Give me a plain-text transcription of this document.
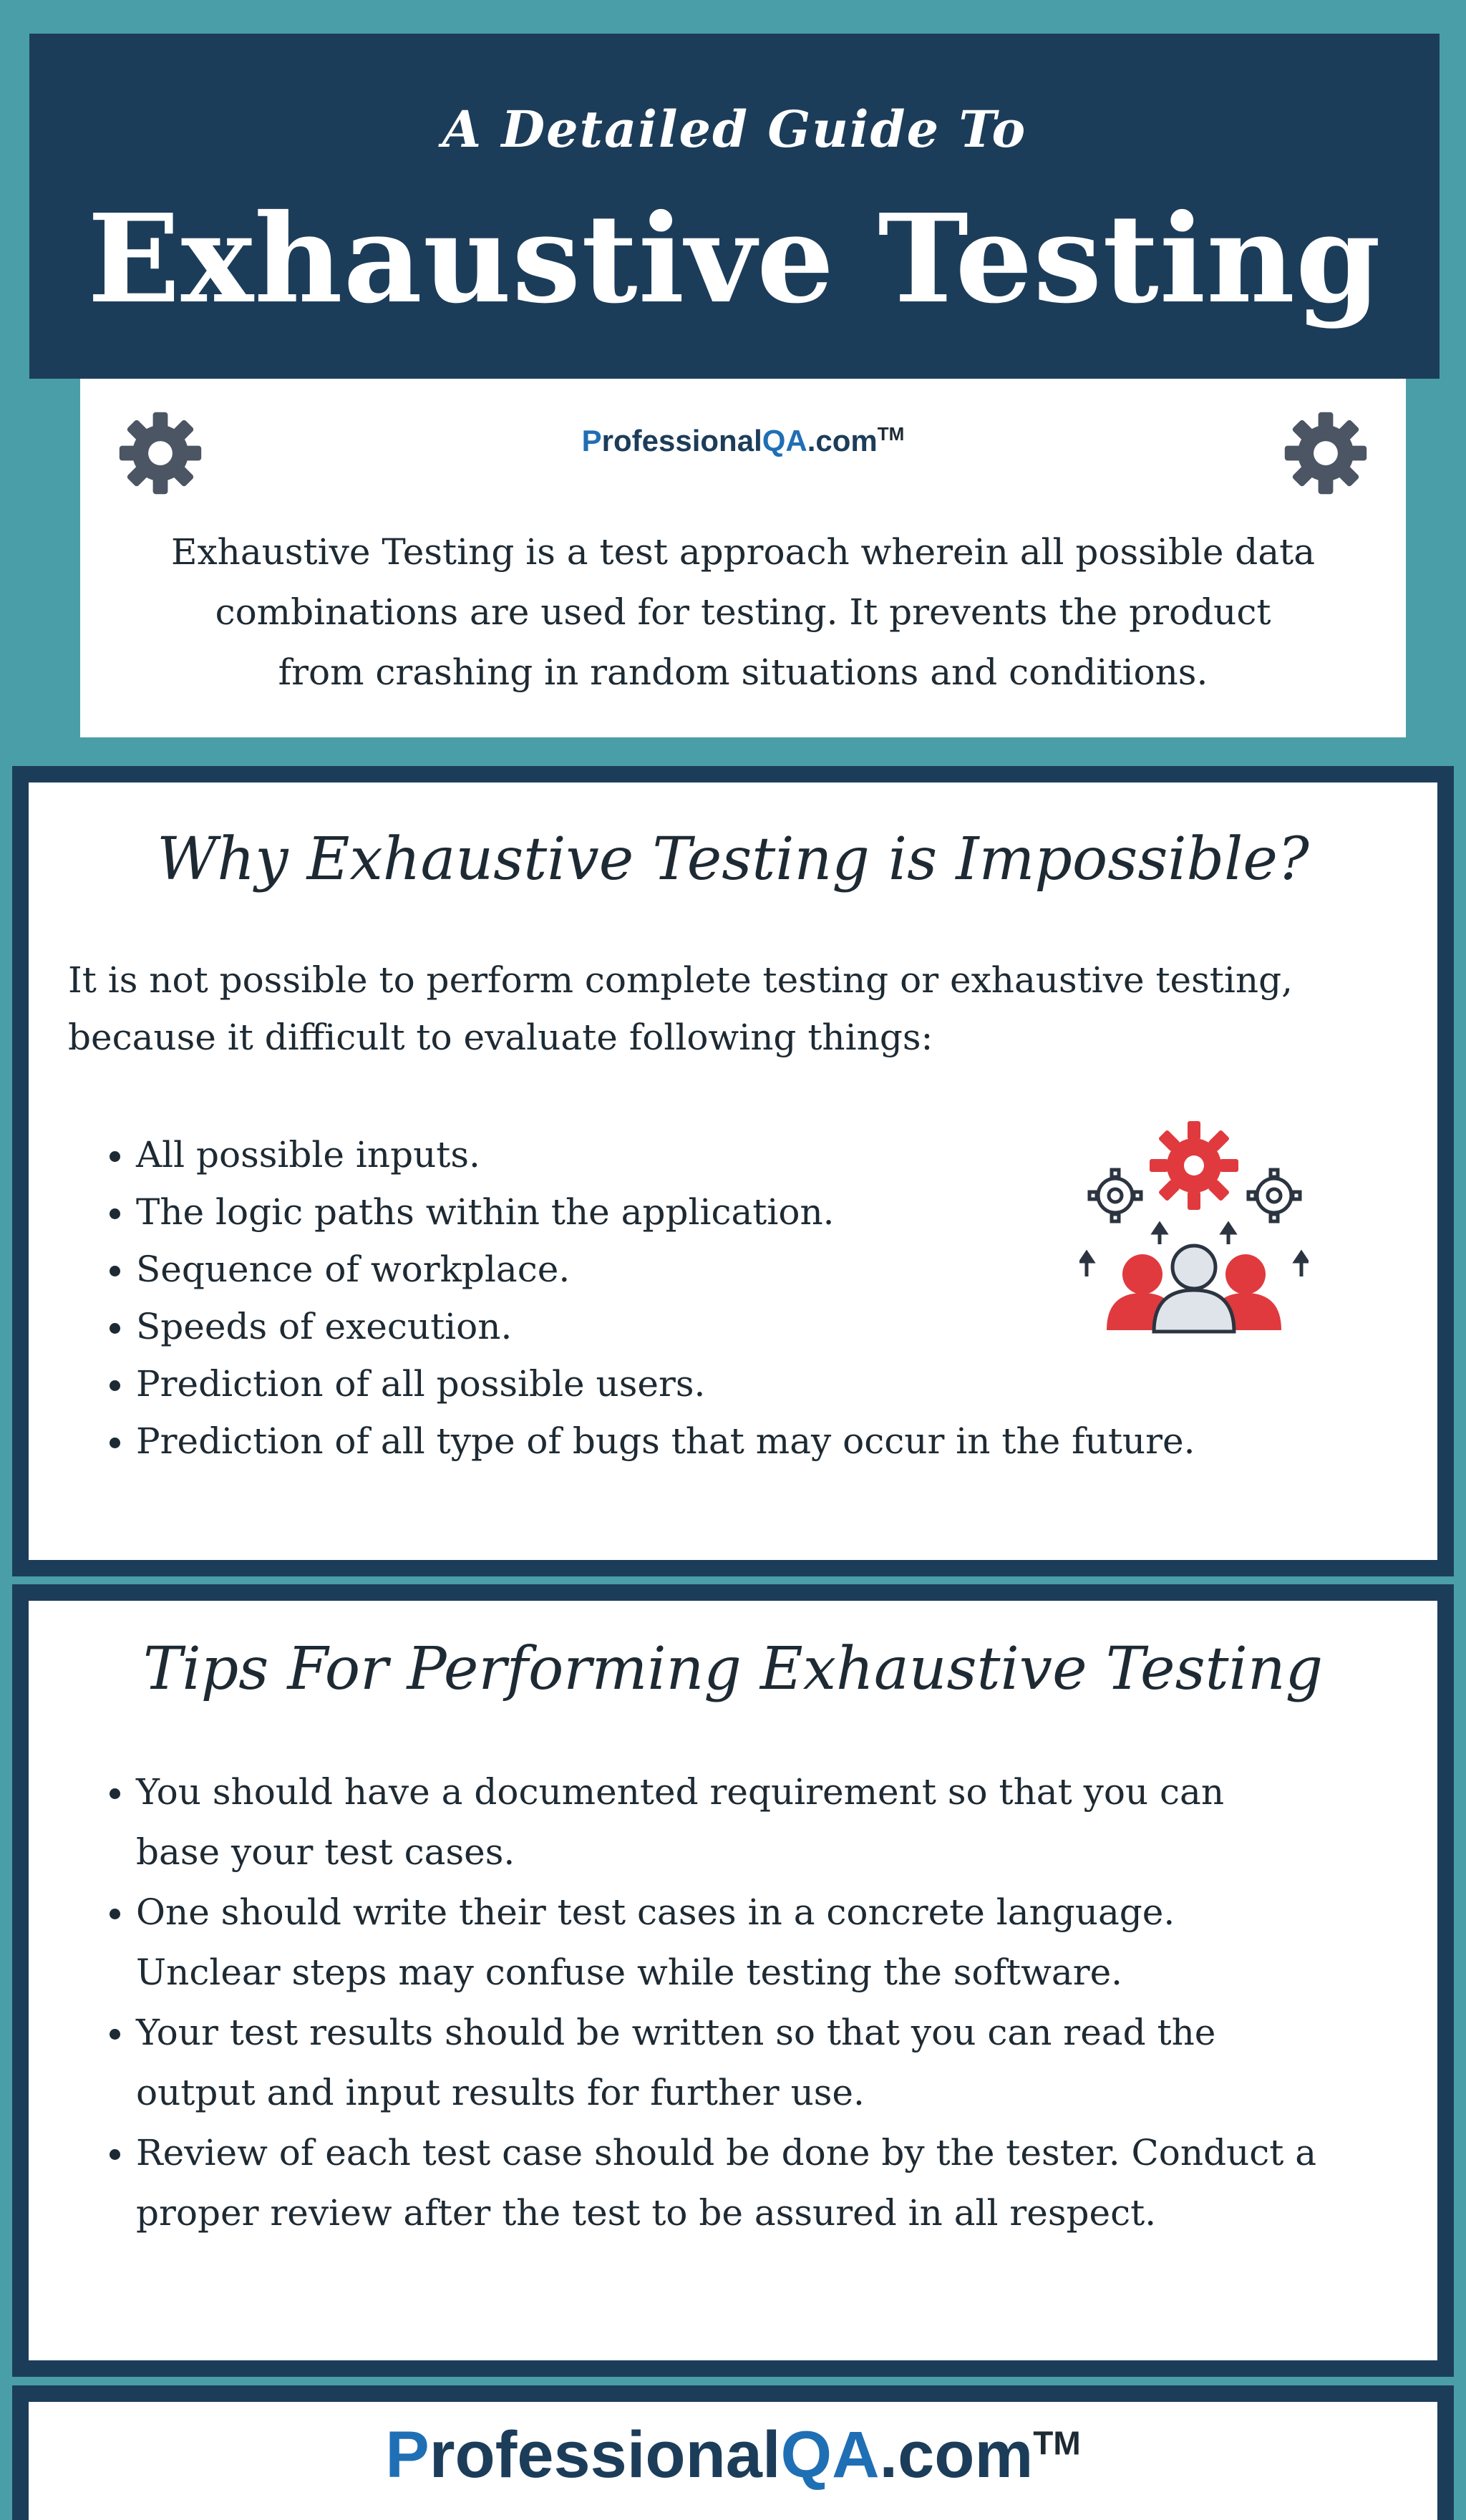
A Detailed Guide To
Exhaustive Testing
ProfessionalQA.com™
Exhaustive Testing is a test approach wherein all possible data
combinations are used for testing. It prevents the product
from crashing in random situations and conditions.
Why Exhaustive Testing is Impossible?
It is not possible to perform complete testing or exhaustive testing,
because it difficult to evaluate following things:
• All possible inputs.
• The logic paths within the application.
• Sequence of workplace.
• Speeds of execution.
• Prediction of all possible users.
• Prediction of all type of bugs that may occur in the future.
Tips For Performing Exhaustive Testing
• You should have a documented requirement so that you can
base your test cases.
• One should write their test cases in a concrete language.
Unclear steps may confuse while testing the software.
• Your test results should be written so that you can read the
output and input results for further use.
• Review of each test case should be done by the tester. Conduct a
proper review after the test to be assured in all respect.
ProfessionalQA.com™
